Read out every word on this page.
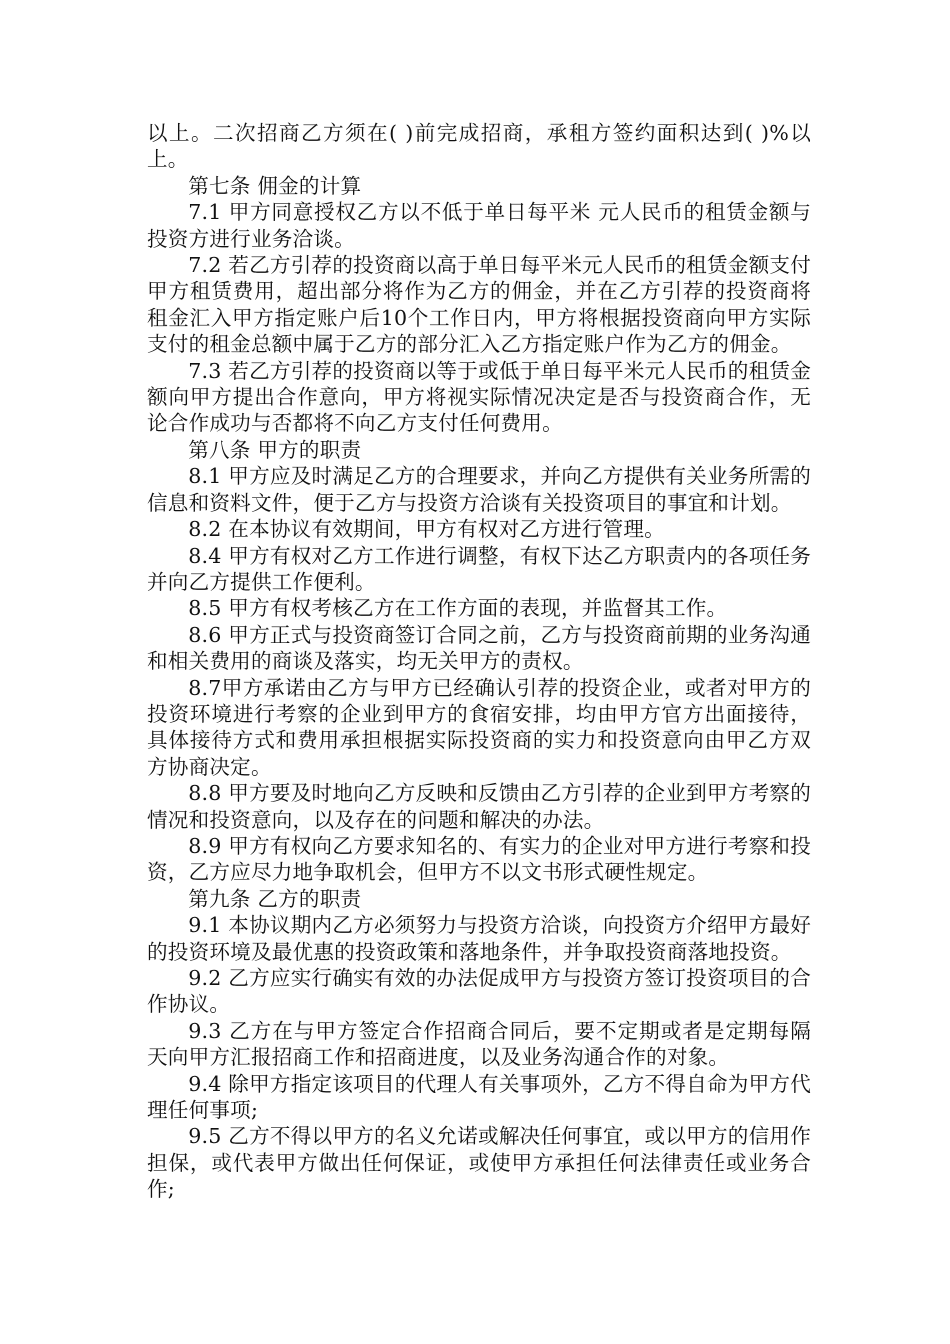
以上。二次招商乙方须在( )前完成招商，承租方签约面积达到( )%以上。

第七条 佣金的计算

7.1 甲方同意授权乙方以不低于单日每平米 元人民币的租赁金额与投资方进行业务洽谈。

7.2 若乙方引荐的投资商以高于单日每平米元人民币的租赁金额支付甲方租赁费用，超出部分将作为乙方的佣金，并在乙方引荐的投资商将租金汇入甲方指定账户后10个工作日内，甲方将根据投资商向甲方实际支付的租金总额中属于乙方的部分汇入乙方指定账户作为乙方的佣金。

7.3 若乙方引荐的投资商以等于或低于单日每平米元人民币的租赁金额向甲方提出合作意向，甲方将视实际情况决定是否与投资商合作，无论合作成功与否都将不向乙方支付任何费用。

第八条 甲方的职责

8.1 甲方应及时满足乙方的合理要求，并向乙方提供有关业务所需的信息和资料文件，便于乙方与投资方洽谈有关投资项目的事宜和计划。

8.2 在本协议有效期间，甲方有权对乙方进行管理。

8.4 甲方有权对乙方工作进行调整，有权下达乙方职责内的各项任务并向乙方提供工作便利。

8.5 甲方有权考核乙方在工作方面的表现，并监督其工作。

8.6 甲方正式与投资商签订合同之前，乙方与投资商前期的业务沟通和相关费用的商谈及落实，均无关甲方的责权。

8.7甲方承诺由乙方与甲方已经确认引荐的投资企业，或者对甲方的投资环境进行考察的企业到甲方的食宿安排，均由甲方官方出面接待，具体接待方式和费用承担根据实际投资商的实力和投资意向由甲乙方双方协商决定。

8.8 甲方要及时地向乙方反映和反馈由乙方引荐的企业到甲方考察的情况和投资意向，以及存在的问题和解决的办法。

8.9 甲方有权向乙方要求知名的、有实力的企业对甲方进行考察和投资，乙方应尽力地争取机会，但甲方不以文书形式硬性规定。

第九条 乙方的职责

9.1 本协议期内乙方必须努力与投资方洽谈，向投资方介绍甲方最好的投资环境及最优惠的投资政策和落地条件，并争取投资商落地投资。

9.2 乙方应实行确实有效的办法促成甲方与投资方签订投资项目的合作协议。

9.3 乙方在与甲方签定合作招商合同后，要不定期或者是定期每隔 天向甲方汇报招商工作和招商进度，以及业务沟通合作的对象。

9.4 除甲方指定该项目的代理人有关事项外，乙方不得自命为甲方代理任何事项;

9.5 乙方不得以甲方的名义允诺或解决任何事宜，或以甲方的信用作担保，或代表甲方做出任何保证，或使甲方承担任何法律责任或业务合作;
